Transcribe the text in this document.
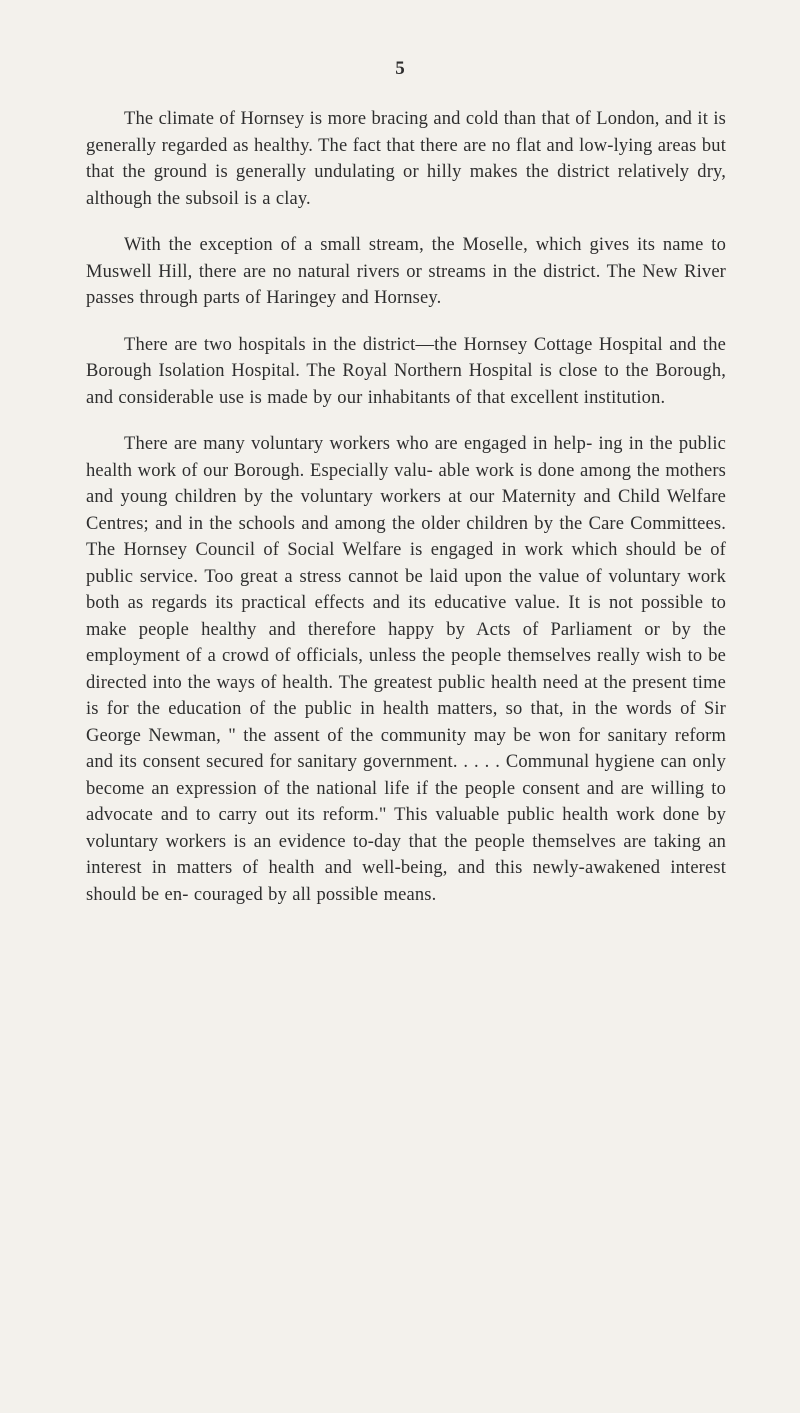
5

The climate of Hornsey is more bracing and cold than that of London, and it is generally regarded as healthy. The fact that there are no flat and low-lying areas but that the ground is generally undulating or hilly makes the district relatively dry, although the subsoil is a clay.

With the exception of a small stream, the Moselle, which gives its name to Muswell Hill, there are no natural rivers or streams in the district. The New River passes through parts of Haringey and Hornsey.

There are two hospitals in the district—the Hornsey Cottage Hospital and the Borough Isolation Hospital. The Royal Northern Hospital is close to the Borough, and considerable use is made by our inhabitants of that excellent institution.

There are many voluntary workers who are engaged in help- ing in the public health work of our Borough. Especially valu- able work is done among the mothers and young children by the voluntary workers at our Maternity and Child Welfare Centres; and in the schools and among the older children by the Care Committees. The Hornsey Council of Social Welfare is engaged in work which should be of public service. Too great a stress cannot be laid upon the value of voluntary work both as regards its practical effects and its educative value. It is not possible to make people healthy and therefore happy by Acts of Parliament or by the employment of a crowd of officials, unless the people themselves really wish to be directed into the ways of health. The greatest public health need at the present time is for the education of the public in health matters, so that, in the words of Sir George Newman, " the assent of the community may be won for sanitary reform and its consent secured for sanitary government. . . . . Communal hygiene can only become an expression of the national life if the people consent and are willing to advocate and to carry out its reform." This valuable public health work done by voluntary workers is an evidence to-day that the people themselves are taking an interest in matters of health and well-being, and this newly-awakened interest should be en- couraged by all possible means.
